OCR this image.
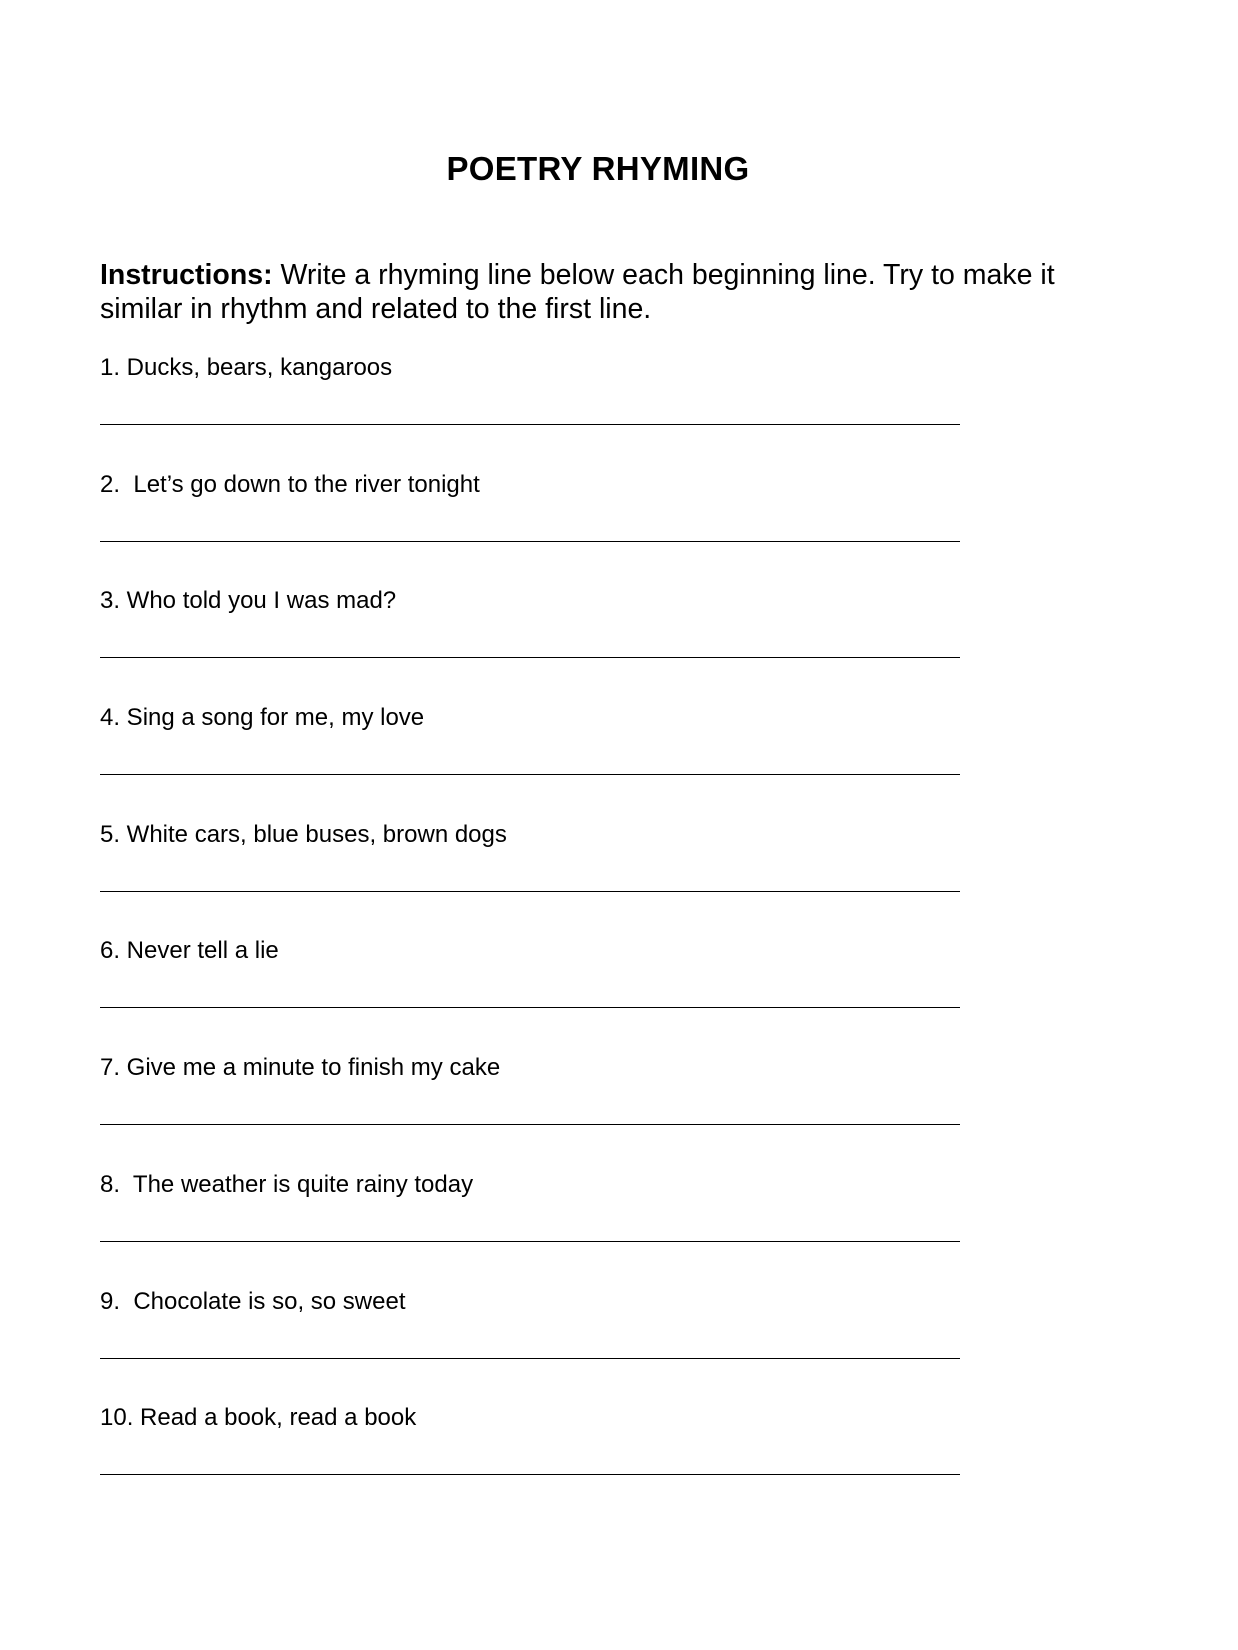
POETRY RHYMING
Instructions: Write a rhyming line below each beginning line. Try to make it similar in rhythm and related to the first line.
1. Ducks, bears, kangaroos
2.  Let’s go down to the river tonight
3. Who told you I was mad?
4. Sing a song for me, my love
5. White cars, blue buses, brown dogs
6. Never tell a lie
7. Give me a minute to finish my cake
8.  The weather is quite rainy today
9.  Chocolate is so, so sweet
10. Read a book, read a book
